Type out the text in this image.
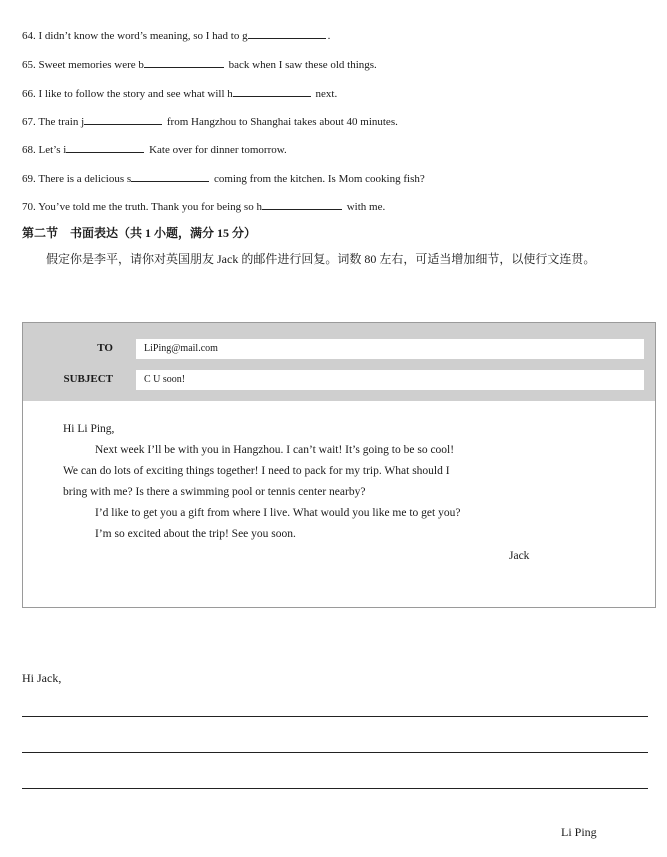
64. I didn’t know the word’s meaning, so I had to g	.
65. Sweet memories were b	back when I saw these old things.
66. I like to follow the story and see what will h	next.
67. The train j	from Hangzhou to Shanghai takes about 40 minutes.
68. Let’s i	Kate over for dinner tomorrow.
69. There is a delicious s	coming from the kitchen. Is Mom cooking fish?
70. You’ve told me the truth. Thank you for being so h	with me.
第二节　书面表达（共 1 小题，满分 15 分）
假定你是李平，请你对英国朋友 Jack 的邮件进行回复。词数 80 左右，可适当增加细节，以使行文连贯。
TO	LiPing@mail.com
SUBJECT	C U soon!
Hi Li Ping,
Next week I’ll be with you in Hangzhou. I can’t wait! It’s going to be so cool!
We can do lots of exciting things together! I need to pack for my trip. What should I
bring with me? Is there a swimming pool or tennis center nearby?
I’d like to get you a gift from where I live. What would you like me to get you?
I’m so excited about the trip! See you soon.
Jack
Hi Jack,
Li Ping
